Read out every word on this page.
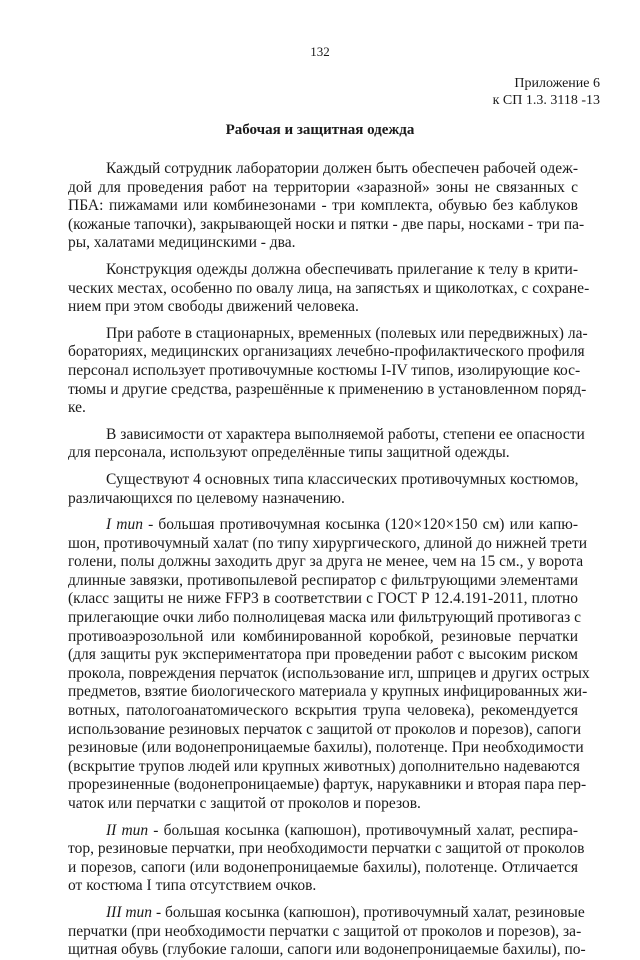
132
Приложение 6
к СП 1.3. 3118 -13
Рабочая и защитная одежда
Каждый сотрудник лаборатории должен быть обеспечен рабочей одеж-
дой для проведения работ на территории «заразной» зоны не связанных с
ПБА: пижамами или комбинезонами - три комплекта, обувью без каблуков
(кожаные тапочки), закрывающей носки и пятки - две пары, носками - три па-
ры, халатами медицинскими - два.
Конструкция одежды должна обеспечивать прилегание к телу в крити-
ческих местах, особенно по овалу лица, на запястьях и щиколотках, с сохране-
нием при этом свободы движений человека.
При работе в стационарных, временных (полевых или передвижных) ла-
бораториях, медицинских организациях лечебно-профилактического профиля
персонал использует противочумные костюмы I-IV типов, изолирующие кос-
тюмы и другие средства, разрешённые к применению в установленном поряд-
ке.
В зависимости от характера выполняемой работы, степени ее опасности
для персонала, используют определённые типы защитной одежды.
Существуют 4 основных типа классических противочумных костюмов,
различающихся по целевому назначению.
I тип - большая противочумная косынка (120×120×150 см) или капю-
шон, противочумный халат (по типу хирургического, длиной до нижней трети
голени, полы должны заходить друг за друга не менее, чем на 15 см., у ворота
длинные завязки, противопылевой респиратор с фильтрующими элементами
(класс защиты не ниже FFP3 в соответствии с ГОСТ Р 12.4.191-2011, плотно
прилегающие очки либо полнолицевая маска или фильтрующий противогаз с
противоаэрозольной или комбинированной коробкой, резиновые перчатки
(для защиты рук экспериментатора при проведении работ с высоким риском
прокола, повреждения перчаток (использование игл, шприцев и других острых
предметов, взятие биологического материала у крупных инфицированных жи-
вотных, патологоанатомического вскрытия трупа человека), рекомендуется
использование резиновых перчаток с защитой от проколов и порезов), сапоги
резиновые (или водонепроницаемые бахилы), полотенце. При необходимости
(вскрытие трупов людей или крупных животных) дополнительно надеваются
прорезиненные (водонепроницаемые) фартук, нарукавники и вторая пара пер-
чаток или перчатки с защитой от проколов и порезов.
II тип - большая косынка (капюшон), противочумный халат, респира-
тор, резиновые перчатки, при необходимости перчатки с защитой от проколов
и порезов, сапоги (или водонепроницаемые бахилы), полотенце. Отличается
от костюма I типа отсутствием очков.
III тип - большая косынка (капюшон), противочумный халат, резиновые
перчатки (при необходимости перчатки с защитой от проколов и порезов), за-
щитная обувь (глубокие галоши, сапоги или водонепроницаемые бахилы), по-
